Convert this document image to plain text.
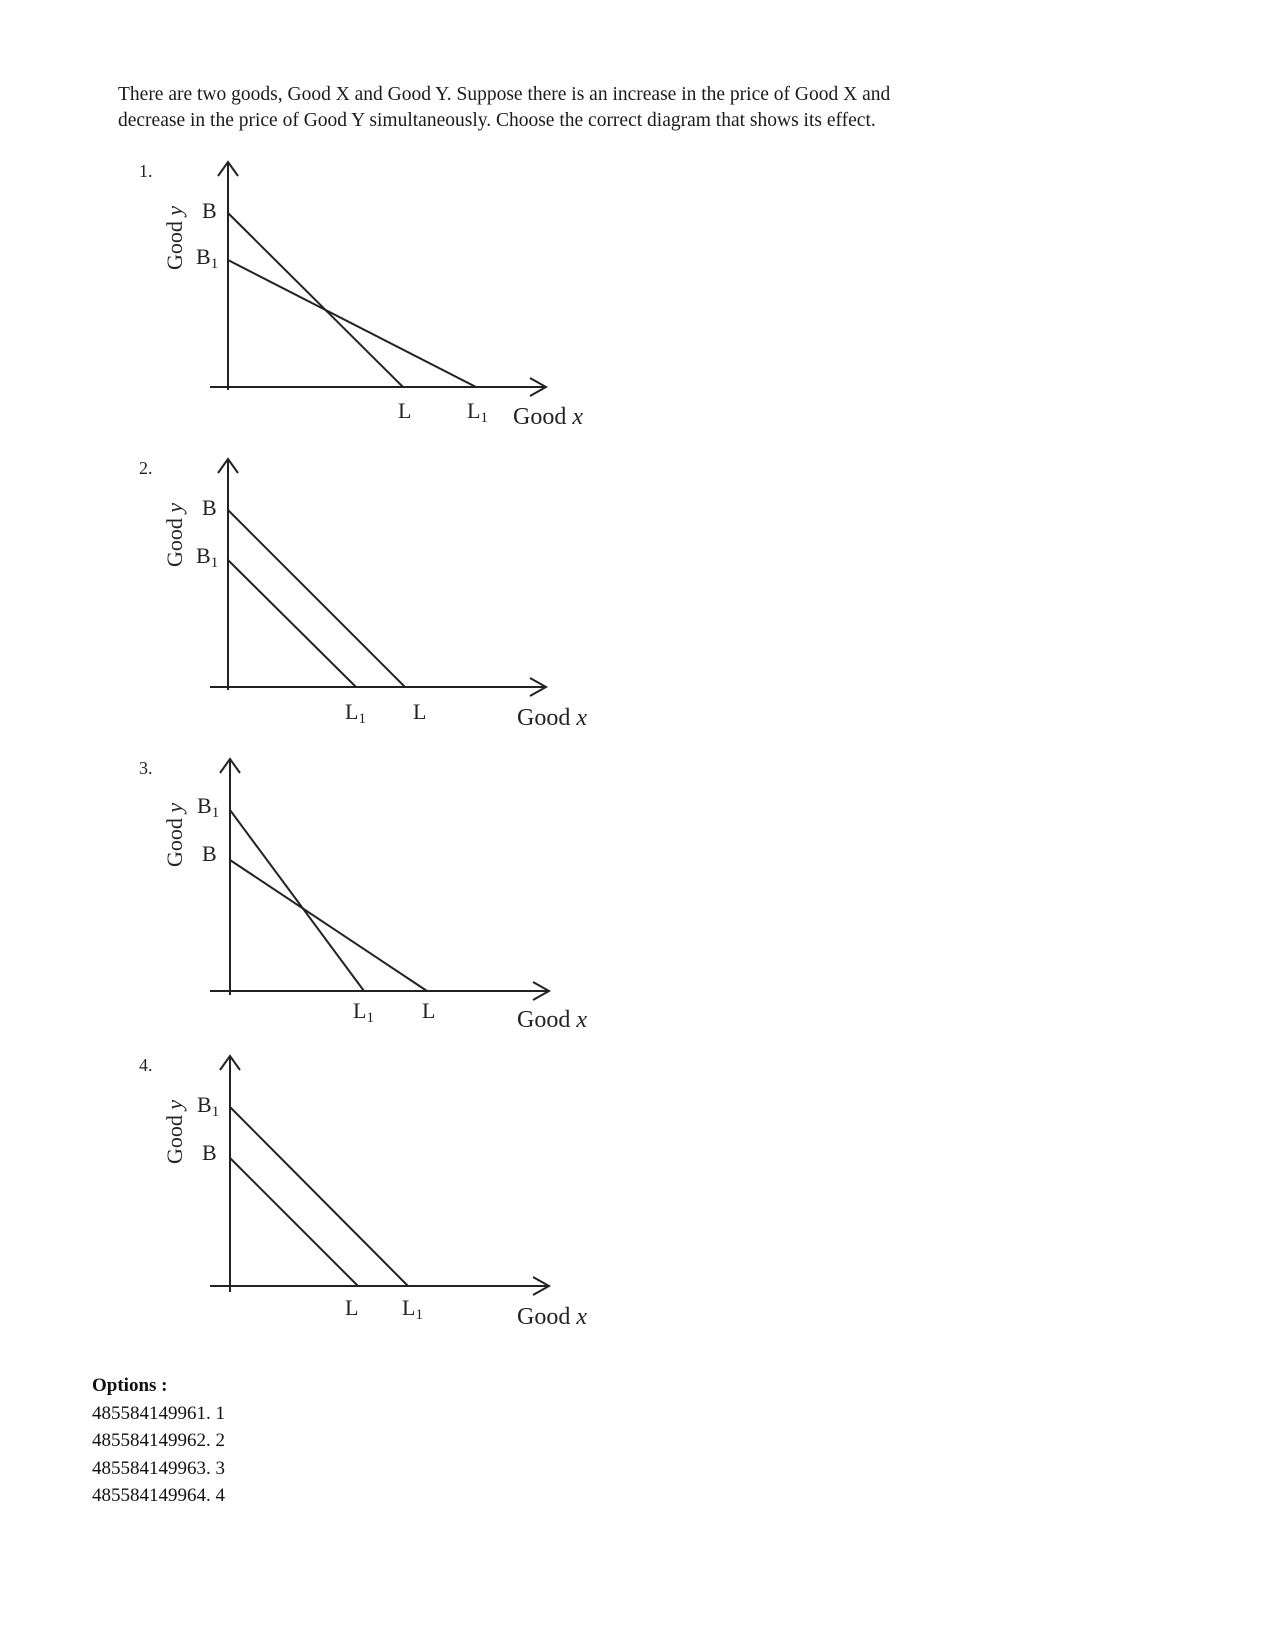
There are two goods, Good X and Good Y. Suppose there is an increase in the price of Good X and
decrease in the price of Good Y simultaneously. Choose the correct diagram that shows its effect.
1.
Good y B
$B_1$
L	$L_1$ Good x
2.
Good y B
$B_1$
$L_1$ L	Good x
3.
Good y $B_1$
B
$L_1$ L	Good x
4.
Good y $B_1$
B
L $L_1$	Good x
Options :
485584149961. 1
485584149962. 2
485584149963. 3
485584149964. 4
